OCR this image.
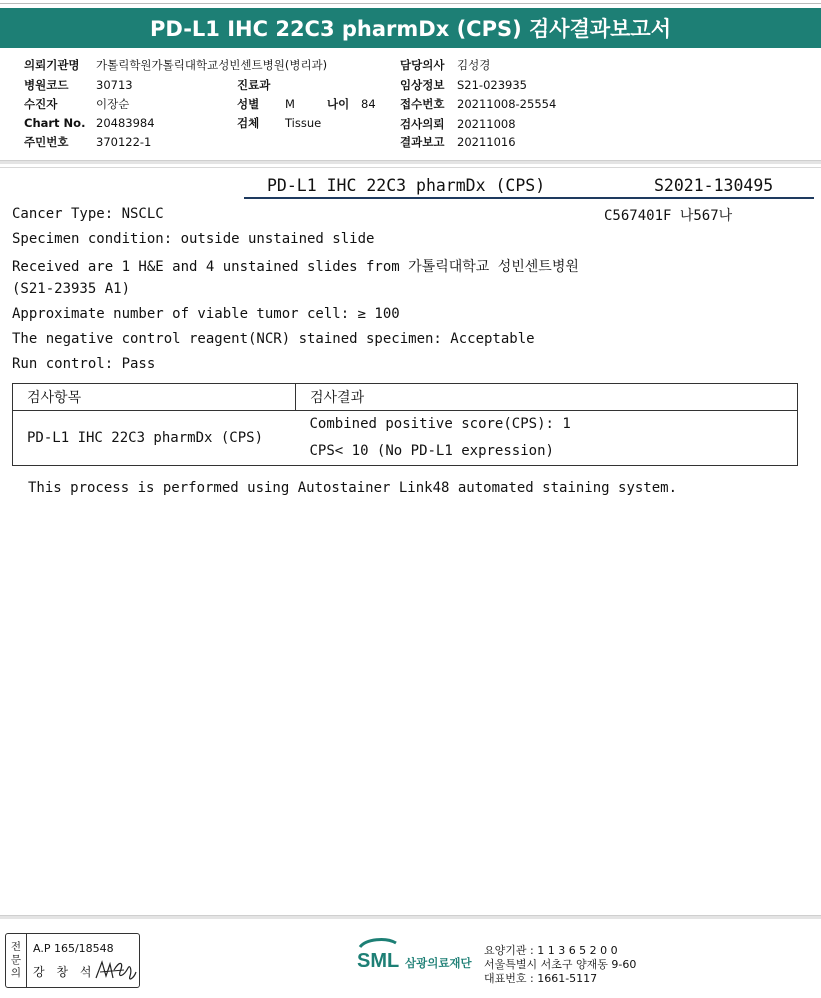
PD-L1 IHC 22C3 pharmDx (CPS) 검사결과보고서
의뢰기관명 가톨릭학원가톨릭대학교성빈센트병원(병리과)
병원코드 30713
수진자	이장순
Chart No. 20483984
주민번호 370122-1
진료과
성별 M	나이 84
검체 Tissue
담당의사 김성경
임상정보 S21-023935
접수번호 20211008-25554
검사의뢰 20211008
결과보고 20211016
PD-L1 IHC 22C3 pharmDx (CPS)	S2021-130495
C567401F 나567나
Cancer Type: NSCLC
Specimen condition: outside unstained slide
Received are 1 H&E and 4 unstained slides from 가톨릭대학교 성빈센트병원
(S21-23935 A1)
Approximate number of viable tumor cell: ≥ 100
The negative control reagent(NCR) stained specimen: Acceptable
Run control: Pass
검사항목	검사결과
PD-L1 IHC 22C3 pharmDx (CPS)	Combined positive score(CPS): 1
CPS< 10 (No PD-L1 expression)
This process is performed using Autostainer Link48 automated staining system.
전
문
의
A.P 165/18548
강 창 석	SML 삼광의료재단
요양기관 : 1 1 3 6 5 2 0 0
서울특별시 서초구 양재동 9-60
대표번호 : 1661-5117
